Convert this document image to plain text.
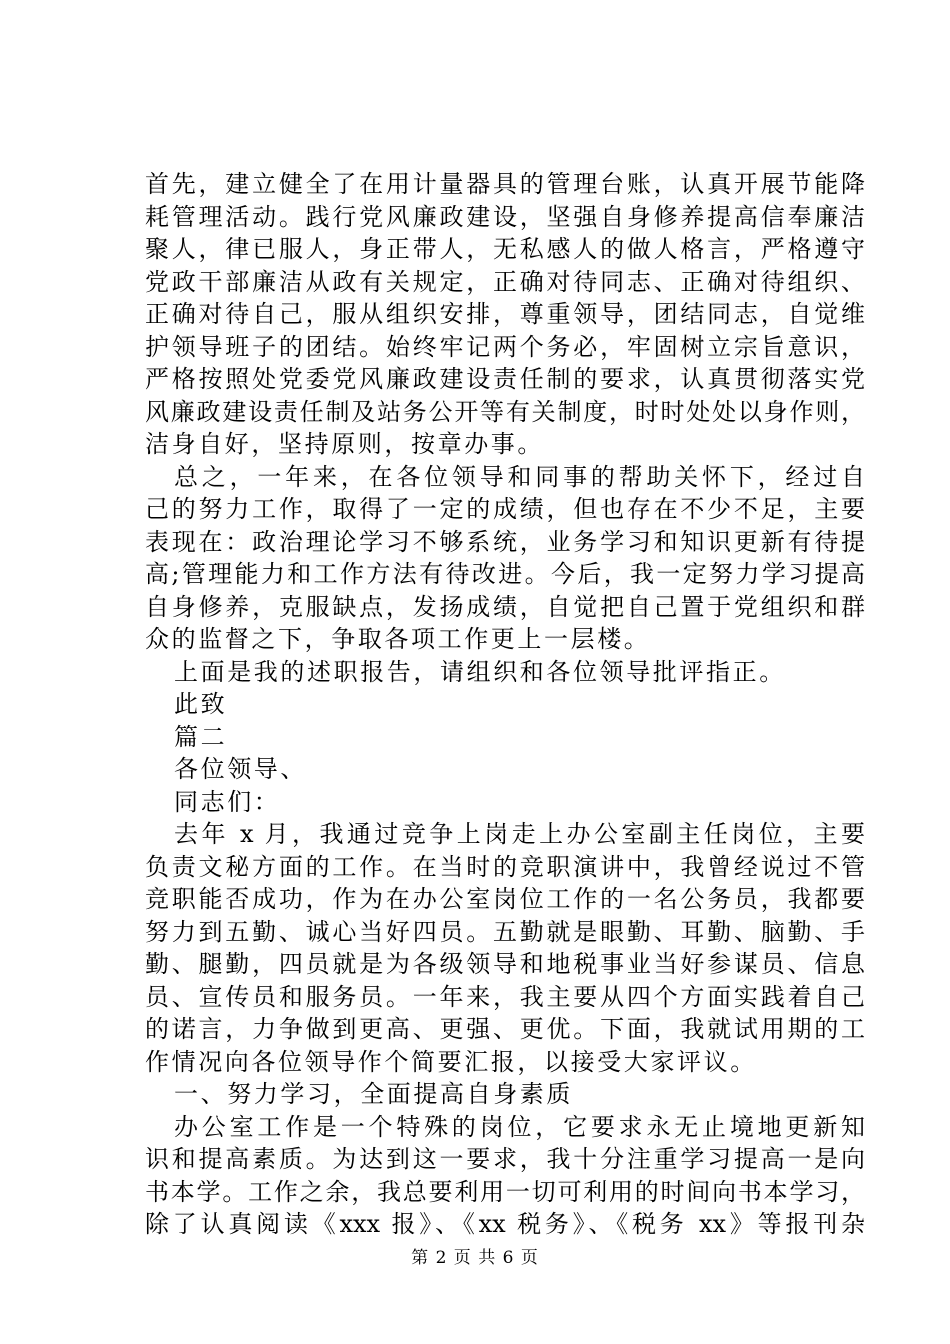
首先，建立健全了在用计量器具的管理台账，认真开展节能降
耗管理活动。践行党风廉政建设，坚强自身修养提高信奉廉洁
聚人，律已服人，身正带人，无私感人的做人格言，严格遵守
党政干部廉洁从政有关规定，正确对待同志、正确对待组织、
正确对待自己，服从组织安排，尊重领导，团结同志，自觉维
护领导班子的团结。始终牢记两个务必，牢固树立宗旨意识，
严格按照处党委党风廉政建设责任制的要求，认真贯彻落实党
风廉政建设责任制及站务公开等有关制度，时时处处以身作则，
洁身自好，坚持原则，按章办事。
总之，一年来，在各位领导和同事的帮助关怀下，经过自
己的努力工作，取得了一定的成绩，但也存在不少不足，主要
表现在：政治理论学习不够系统，业务学习和知识更新有待提
高;管理能力和工作方法有待改进。今后，我一定努力学习提高
自身修养，克服缺点，发扬成绩，自觉把自己置于党组织和群
众的监督之下，争取各项工作更上一层楼。
上面是我的述职报告，请组织和各位领导批评指正。
此致
篇二
各位领导、
同志们：
去年 x 月，我通过竞争上岗走上办公室副主任岗位，主要
负责文秘方面的工作。在当时的竞职演讲中，我曾经说过不管
竞职能否成功，作为在办公室岗位工作的一名公务员，我都要
努力到五勤、诚心当好四员。五勤就是眼勤、耳勤、脑勤、手
勤、腿勤，四员就是为各级领导和地税事业当好参谋员、信息
员、宣传员和服务员。一年来，我主要从四个方面实践着自己
的诺言，力争做到更高、更强、更优。下面，我就试用期的工
作情况向各位领导作个简要汇报，以接受大家评议。
一、努力学习，全面提高自身素质
办公室工作是一个特殊的岗位，它要求永无止境地更新知
识和提高素质。为达到这一要求，我十分注重学习提高一是向
书本学。工作之余，我总要利用一切可利用的时间向书本学习，
除了认真阅读《xxx 报》、《xx 税务》、《税务 xx》等报刊杂
第 2 页 共 6 页
